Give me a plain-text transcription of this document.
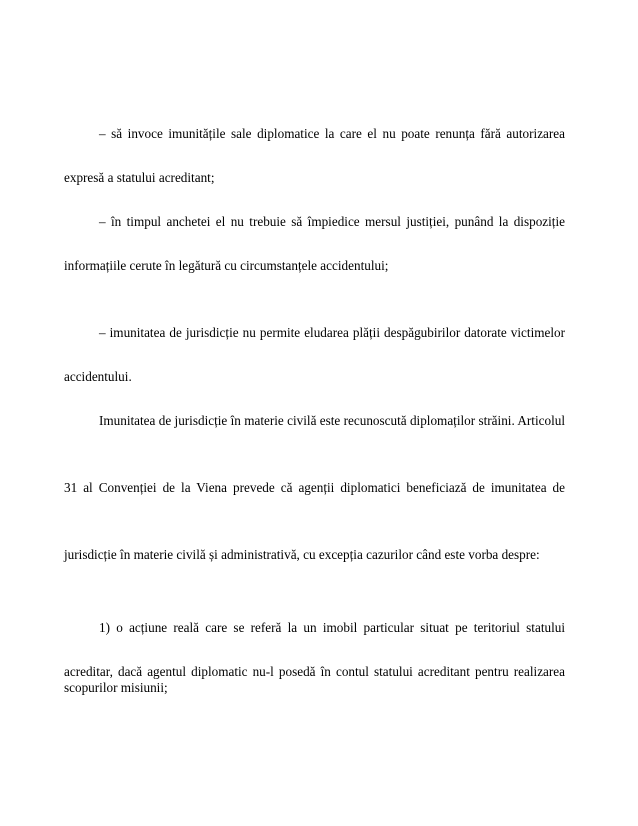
– să invoce imunitățile sale diplomatice la care el nu poate renunța fără autorizarea
expresă a statului acreditant;
– în timpul anchetei el nu trebuie să împiedice mersul justiției, punând la dispoziție
informațiile cerute în legătură cu circumstanțele accidentului;
– imunitatea de jurisdicție nu permite eludarea plății despăgubirilor datorate victimelor
accidentului.
Imunitatea de jurisdicție în materie civilă este recunoscută diplomaților străini. Articolul
31 al Convenției de la Viena prevede că agenții diplomatici beneficiază de imunitatea de
jurisdicție în materie civilă și administrativă, cu excepția cazurilor când este vorba despre:
1) o acțiune reală care se referă la un imobil particular situat pe teritoriul statului
acreditar, dacă agentul diplomatic nu-l posedă în contul statului acreditant pentru realizarea
scopurilor misiunii;
